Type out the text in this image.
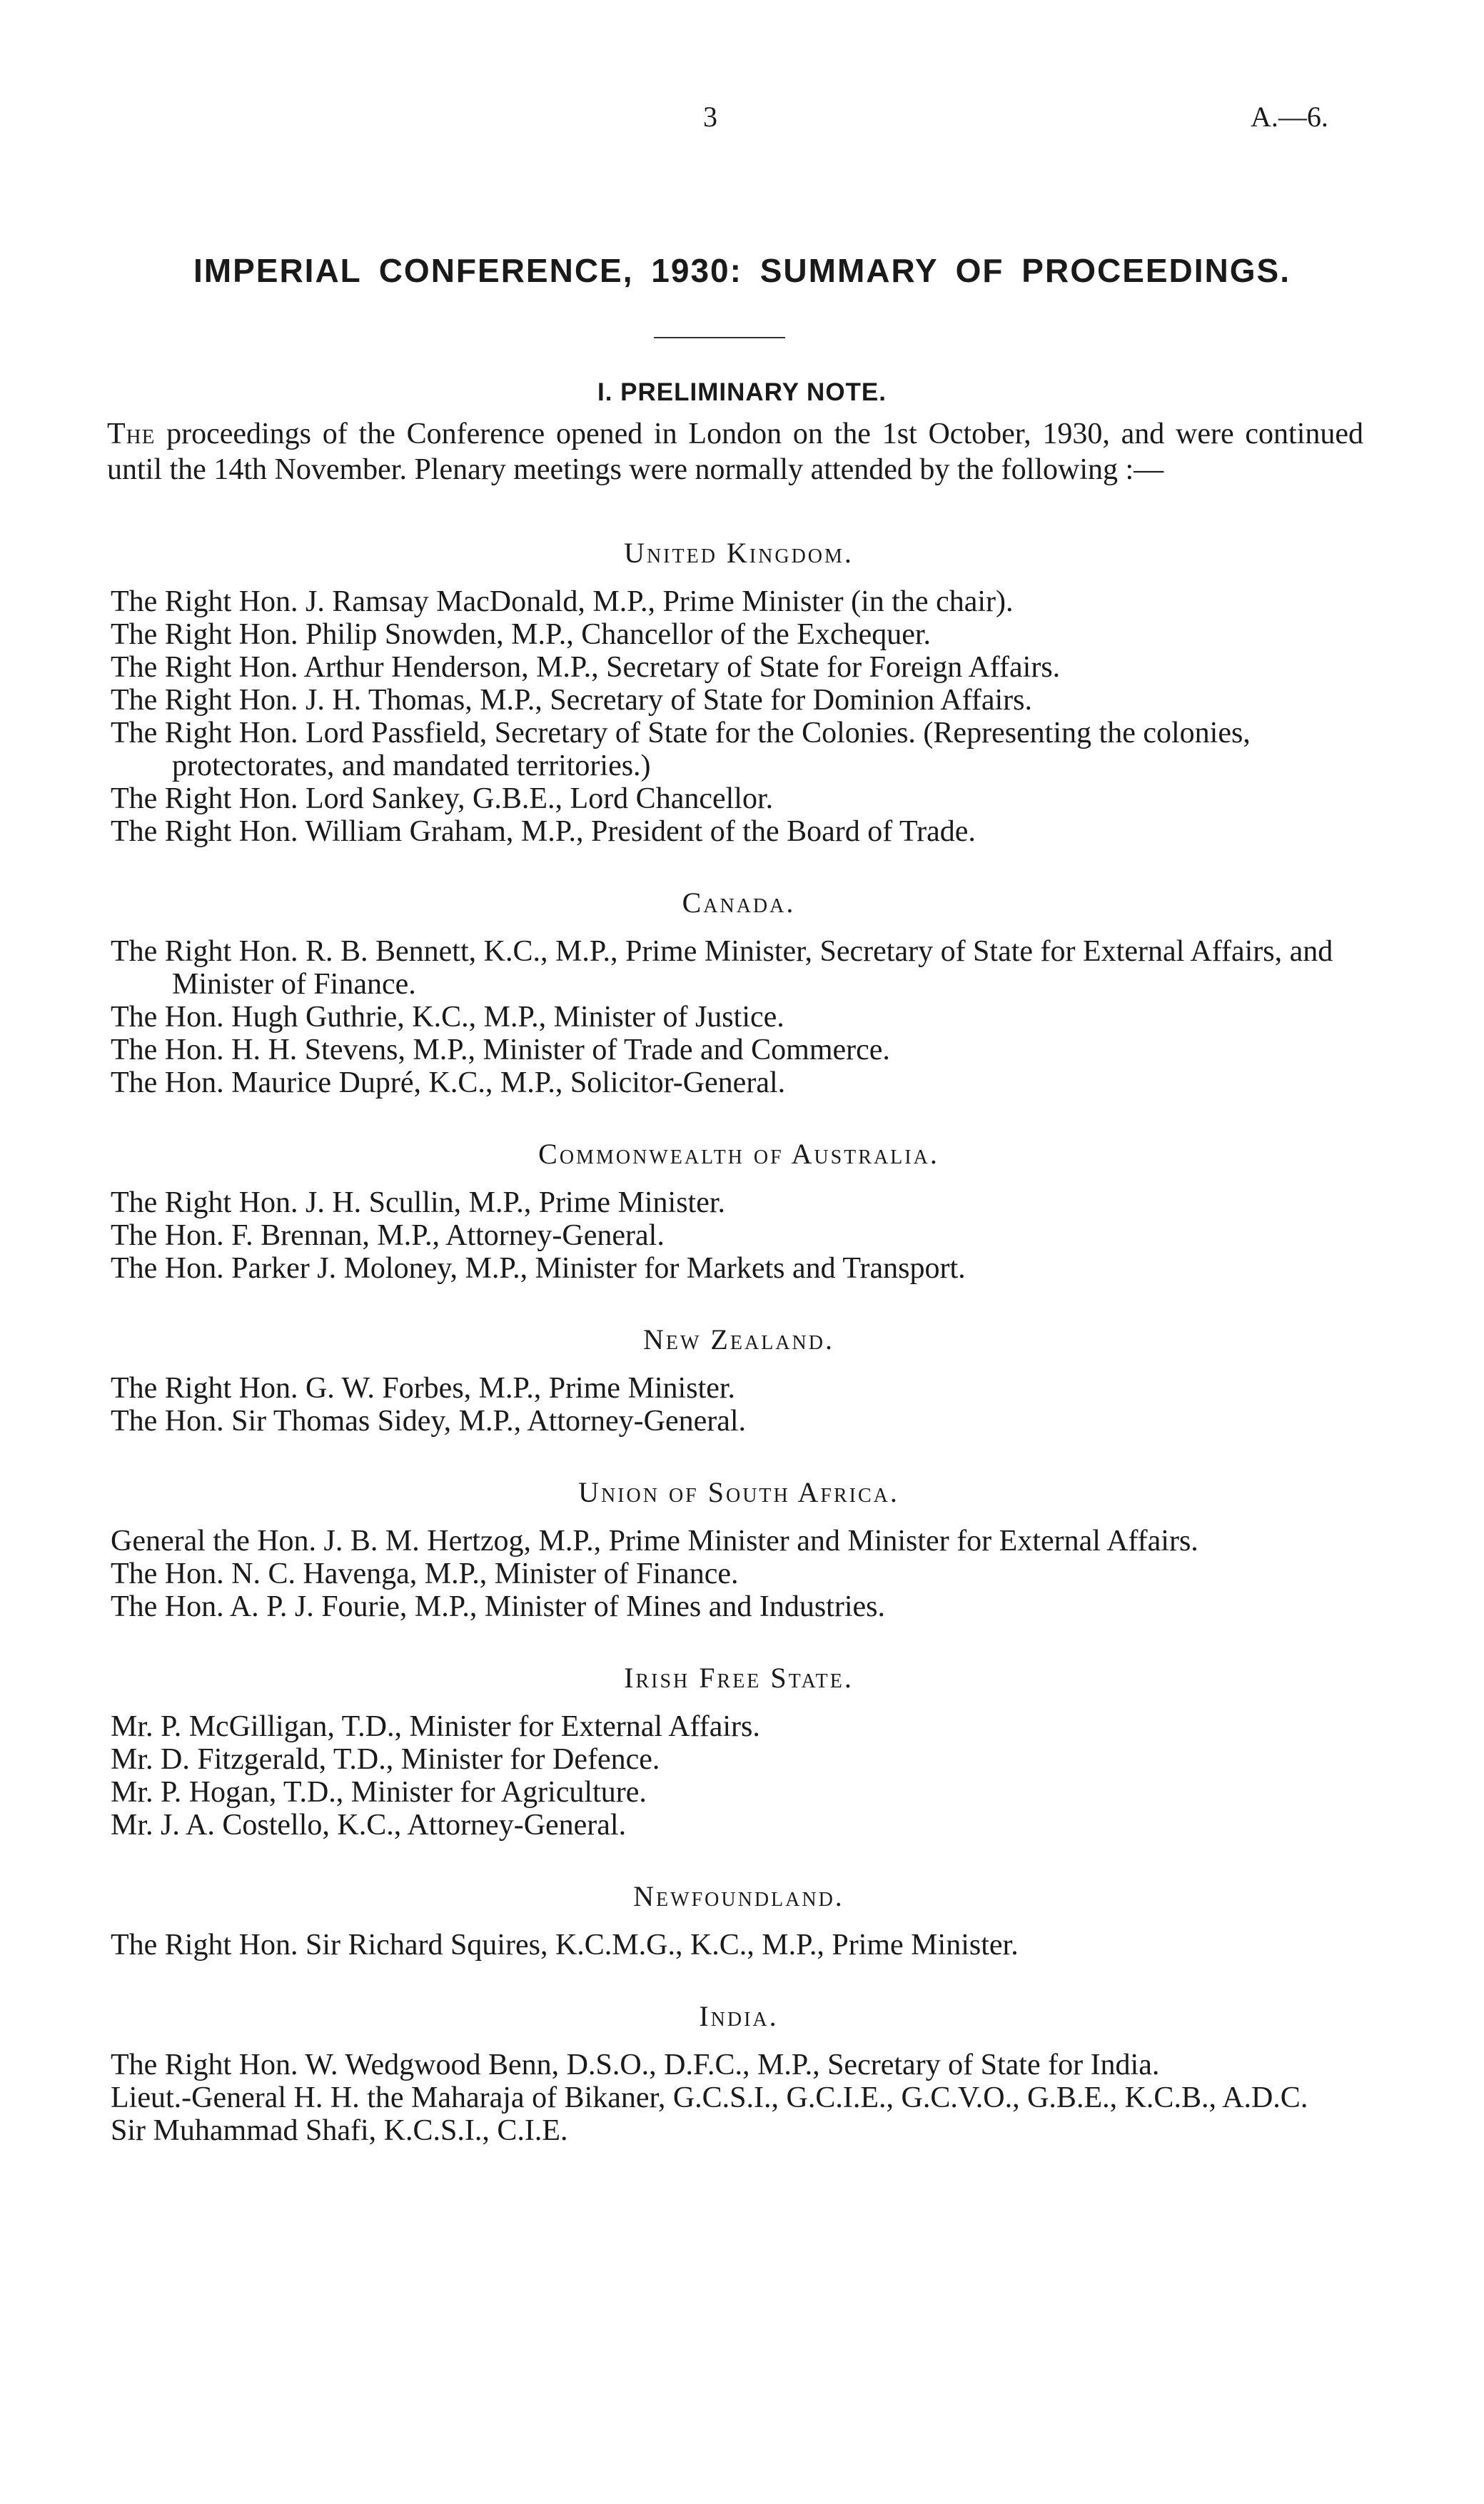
3	A.—6.
IMPERIAL CONFERENCE, 1930: SUMMARY OF PROCEEDINGS.
I. PRELIMINARY NOTE.
The proceedings of the Conference opened in London on the 1st October, 1930, and were continued until the 14th November. Plenary meetings were normally attended by the following :—
United Kingdom.
The Right Hon. J. Ramsay MacDonald, M.P., Prime Minister (in the chair).
The Right Hon. Philip Snowden, M.P., Chancellor of the Exchequer.
The Right Hon. Arthur Henderson, M.P., Secretary of State for Foreign Affairs.
The Right Hon. J. H. Thomas, M.P., Secretary of State for Dominion Affairs.
The Right Hon. Lord Passfield, Secretary of State for the Colonies. (Representing the colonies, protectorates, and mandated territories.)
The Right Hon. Lord Sankey, G.B.E., Lord Chancellor.
The Right Hon. William Graham, M.P., President of the Board of Trade.
Canada.
The Right Hon. R. B. Bennett, K.C., M.P., Prime Minister, Secretary of State for External Affairs, and Minister of Finance.
The Hon. Hugh Guthrie, K.C., M.P., Minister of Justice.
The Hon. H. H. Stevens, M.P., Minister of Trade and Commerce.
The Hon. Maurice Dupré, K.C., M.P., Solicitor-General.
Commonwealth of Australia.
The Right Hon. J. H. Scullin, M.P., Prime Minister.
The Hon. F. Brennan, M.P., Attorney-General.
The Hon. Parker J. Moloney, M.P., Minister for Markets and Transport.
New Zealand.
The Right Hon. G. W. Forbes, M.P., Prime Minister.
The Hon. Sir Thomas Sidey, M.P., Attorney-General.
Union of South Africa.
General the Hon. J. B. M. Hertzog, M.P., Prime Minister and Minister for External Affairs.
The Hon. N. C. Havenga, M.P., Minister of Finance.
The Hon. A. P. J. Fourie, M.P., Minister of Mines and Industries.
Irish Free State.
Mr. P. McGilligan, T.D., Minister for External Affairs.
Mr. D. Fitzgerald, T.D., Minister for Defence.
Mr. P. Hogan, T.D., Minister for Agriculture.
Mr. J. A. Costello, K.C., Attorney-General.
Newfoundland.
The Right Hon. Sir Richard Squires, K.C.M.G., K.C., M.P., Prime Minister.
India.
The Right Hon. W. Wedgwood Benn, D.S.O., D.F.C., M.P., Secretary of State for India.
Lieut.-General H. H. the Maharaja of Bikaner, G.C.S.I., G.C.I.E., G.C.V.O., G.B.E., K.C.B., A.D.C.
Sir Muhammad Shafi, K.C.S.I., C.I.E.
